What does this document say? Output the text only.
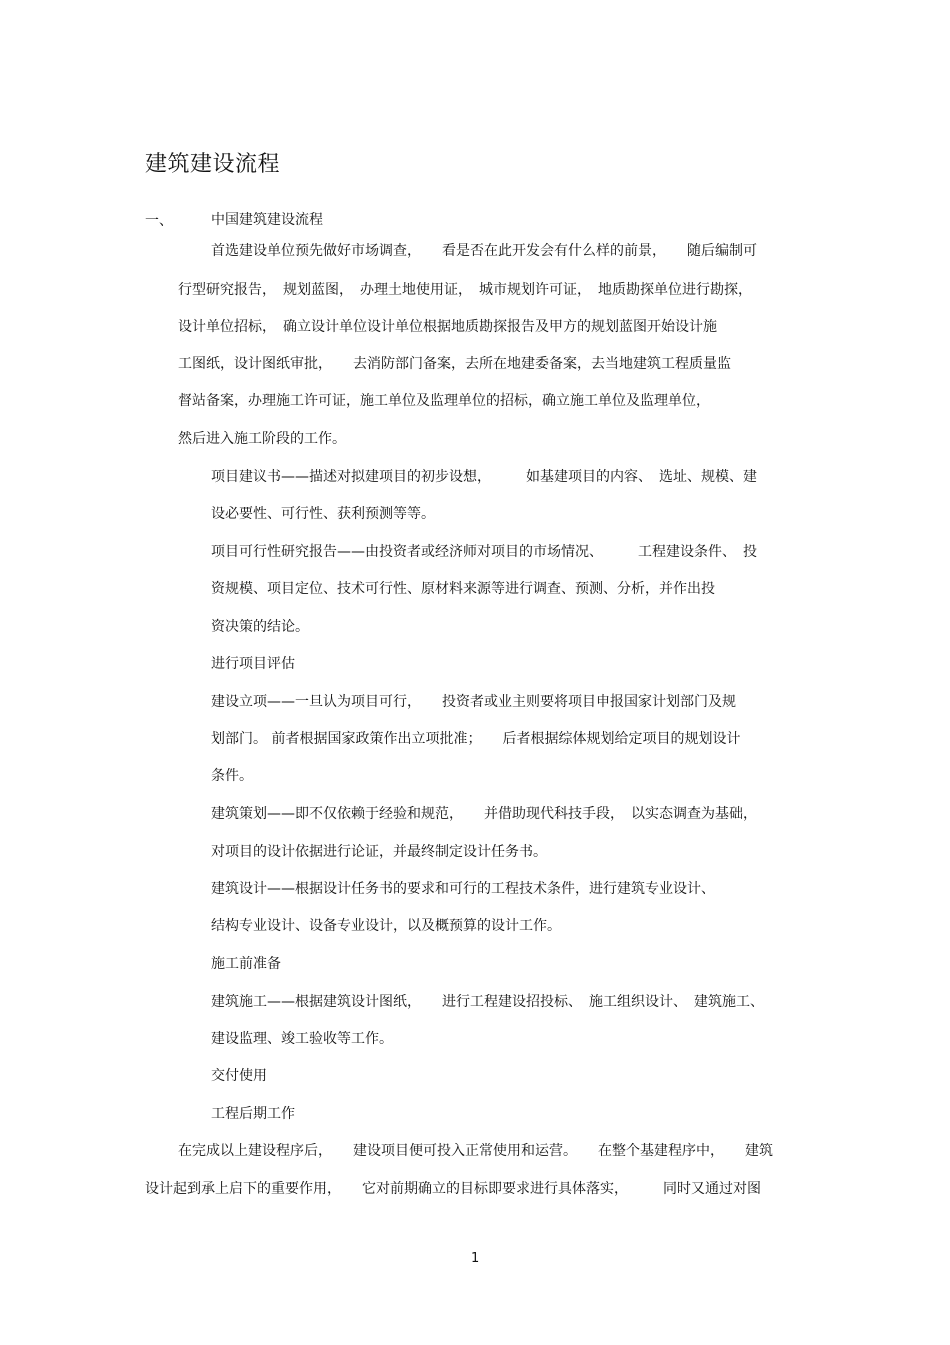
建筑建设流程
一、	中国建筑建设流程
首选建设单位预先做好市场调查，　　看是否在此开发会有什么样的前景，　　随后编制可
行型研究报告，　规划蓝图，　办理土地使用证，　城市规划许可证，　地质勘探单位进行勘探，
设计单位招标，　确立设计单位设计单位根据地质勘探报告及甲方的规划蓝图开始设计施
工图纸，设计图纸审批，　　去消防部门备案，去所在地建委备案，去当地建筑工程质量监
督站备案，办理施工许可证，施工单位及监理单位的招标，确立施工单位及监理单位，
然后进入施工阶段的工作。
项目建议书——描述对拟建项目的初步设想，　　　如基建项目的内容、　选址、规模、建
设必要性、可行性、获利预测等等。
项目可行性研究报告——由投资者或经济师对项目的市场情况、　　　工程建设条件、　投
资规模、项目定位、技术可行性、原材料来源等进行调查、预测、分析，并作出投
资决策的结论。
进行项目评估
建设立项——一旦认为项目可行，　　投资者或业主则要将项目申报国家计划部门及规
划部门。 前者根据国家政策作出立项批准；　　后者根据综体规划给定项目的规划设计
条件。
建筑策划——即不仅依赖于经验和规范，　　并借助现代科技手段，　以实态调查为基础，
对项目的设计依据进行论证，并最终制定设计任务书。
建筑设计——根据设计任务书的要求和可行的工程技术条件，进行建筑专业设计、
结构专业设计、设备专业设计，以及概预算的设计工作。
施工前准备
建筑施工——根据建筑设计图纸，　　进行工程建设招投标、　施工组织设计、　建筑施工、
建设监理、竣工验收等工作。
交付使用
工程后期工作
在完成以上建设程序后，　　建设项目便可投入正常使用和运营。　　在整个基建程序中，　　建筑
设计起到承上启下的重要作用，　　它对前期确立的目标即要求进行具体落实，　　　同时又通过对图
1
